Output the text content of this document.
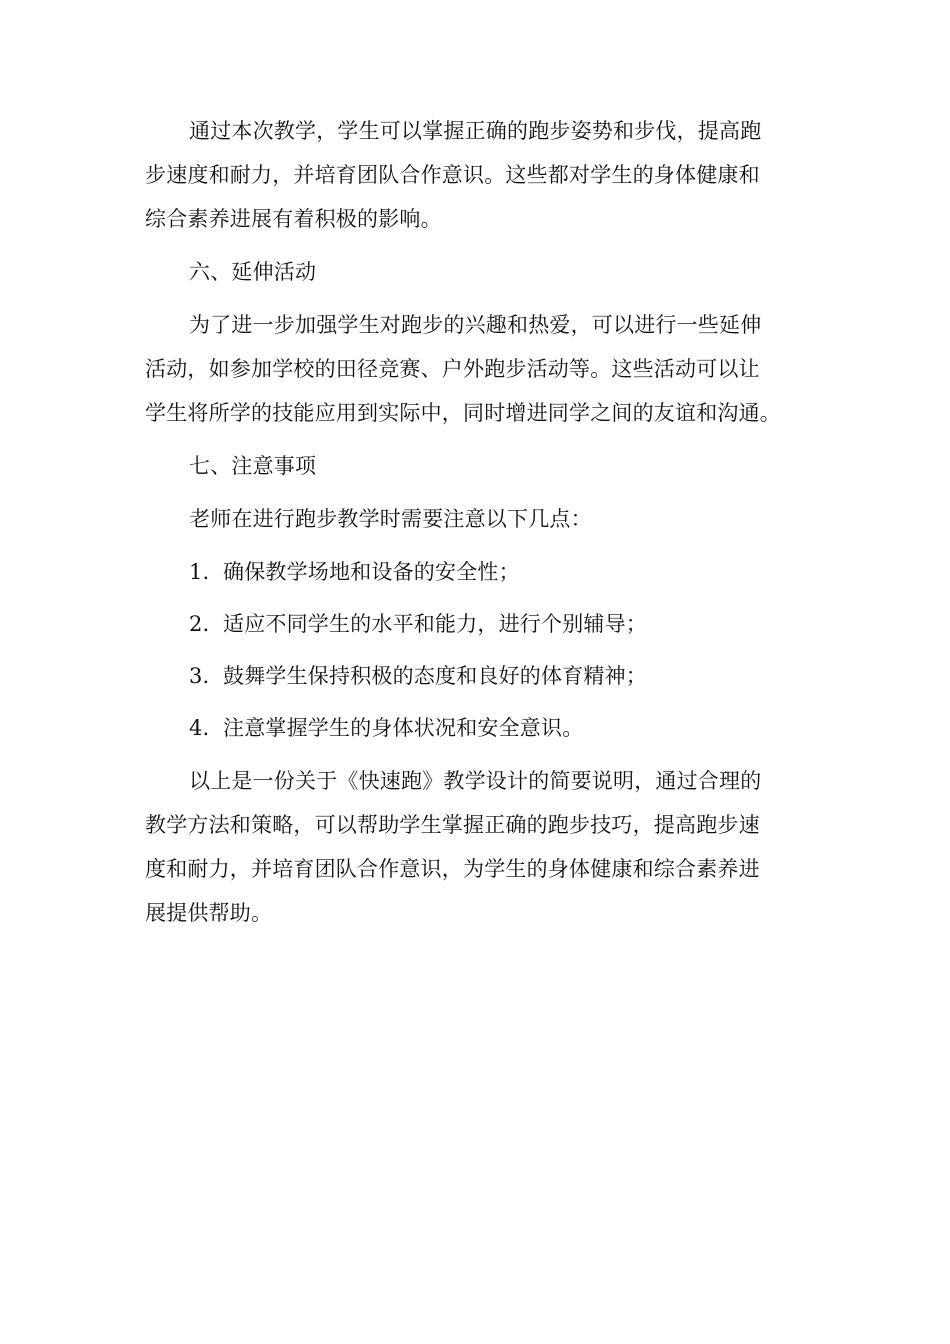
通过本次教学，学生可以掌握正确的跑步姿势和步伐，提高跑
步速度和耐力，并培育团队合作意识。这些都对学生的身体健康和
综合素养进展有着积极的影响。
六、延伸活动
为了进一步加强学生对跑步的兴趣和热爱，可以进行一些延伸
活动，如参加学校的田径竞赛、户外跑步活动等。这些活动可以让
学生将所学的技能应用到实际中，同时增进同学之间的友谊和沟通。
七、注意事项
老师在进行跑步教学时需要注意以下几点：
1. 确保教学场地和设备的安全性；
2. 适应不同学生的水平和能力，进行个别辅导；
3. 鼓舞学生保持积极的态度和良好的体育精神；
4. 注意掌握学生的身体状况和安全意识。
以上是一份关于《快速跑》教学设计的简要说明，通过合理的
教学方法和策略，可以帮助学生掌握正确的跑步技巧，提高跑步速
度和耐力，并培育团队合作意识，为学生的身体健康和综合素养进
展提供帮助。
